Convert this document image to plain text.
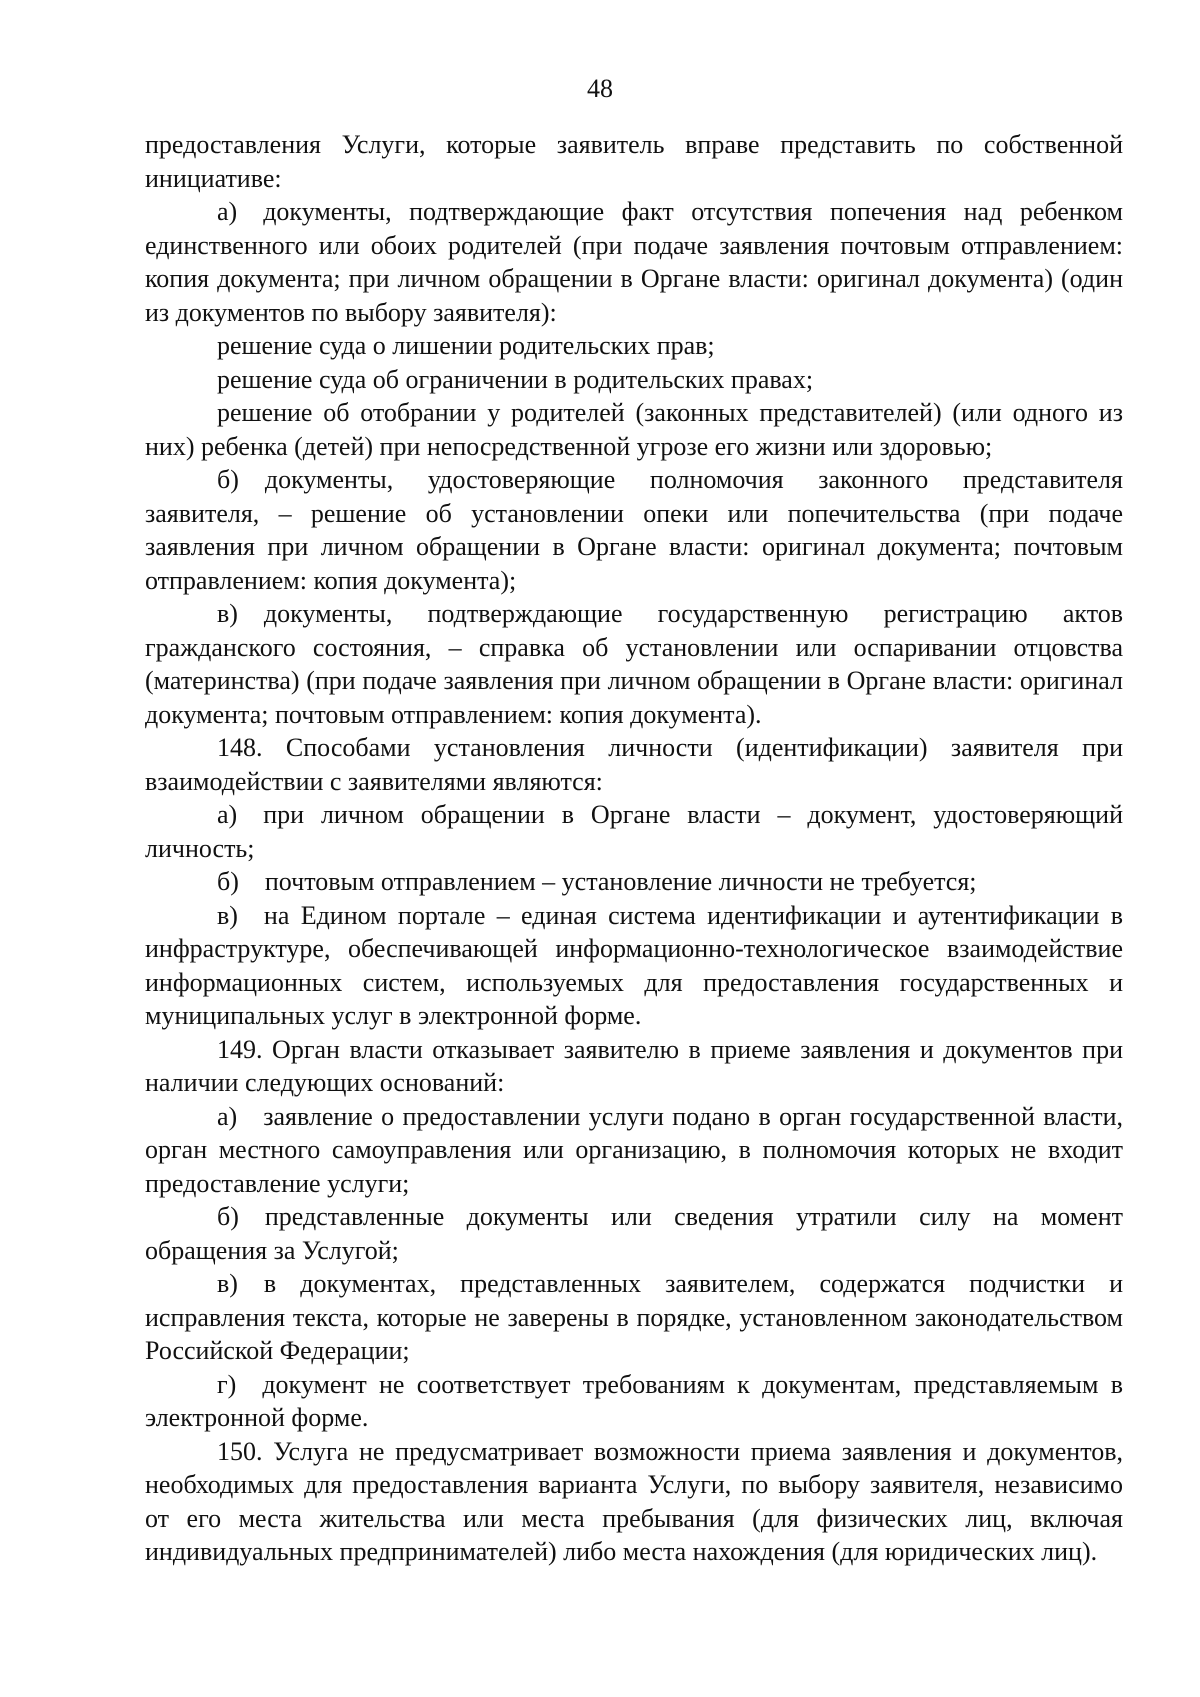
48

предоставления Услуги, которые заявитель вправе представить по собственной инициативе:

а) документы, подтверждающие факт отсутствия попечения над ребенком единственного или обоих родителей (при подаче заявления почтовым отправлением: копия документа; при личном обращении в Органе власти: оригинал документа) (один из документов по выбору заявителя):

решение суда о лишении родительских прав;

решение суда об ограничении в родительских правах;

решение об отобрании у родителей (законных представителей) (или одного из них) ребенка (детей) при непосредственной угрозе его жизни или здоровью;

б) документы, удостоверяющие полномочия законного представителя заявителя, – решение об установлении опеки или попечительства (при подаче заявления при личном обращении в Органе власти: оригинал документа; почтовым отправлением: копия документа);

в) документы, подтверждающие государственную регистрацию актов гражданского состояния, – справка об установлении или оспаривании отцовства (материнства) (при подаче заявления при личном обращении в Органе власти: оригинал документа; почтовым отправлением: копия документа).

148. Способами установления личности (идентификации) заявителя при взаимодействии с заявителями являются:

а) при личном обращении в Органе власти – документ, удостоверяющий личность;

б) почтовым отправлением – установление личности не требуется;

в) на Едином портале – единая система идентификации и аутентификации в инфраструктуре, обеспечивающей информационно-технологическое взаимодействие информационных систем, используемых для предоставления государственных и муниципальных услуг в электронной форме.

149. Орган власти отказывает заявителю в приеме заявления и документов при наличии следующих оснований:

а) заявление о предоставлении услуги подано в орган государственной власти, орган местного самоуправления или организацию, в полномочия которых не входит предоставление услуги;

б) представленные документы или сведения утратили силу на момент обращения за Услугой;

в) в документах, представленных заявителем, содержатся подчистки и исправления текста, которые не заверены в порядке, установленном законодательством Российской Федерации;

г) документ не соответствует требованиям к документам, представляемым в электронной форме.

150. Услуга не предусматривает возможности приема заявления и документов, необходимых для предоставления варианта Услуги, по выбору заявителя, независимо от его места жительства или места пребывания (для физических лиц, включая индивидуальных предпринимателей) либо места нахождения (для юридических лиц).
